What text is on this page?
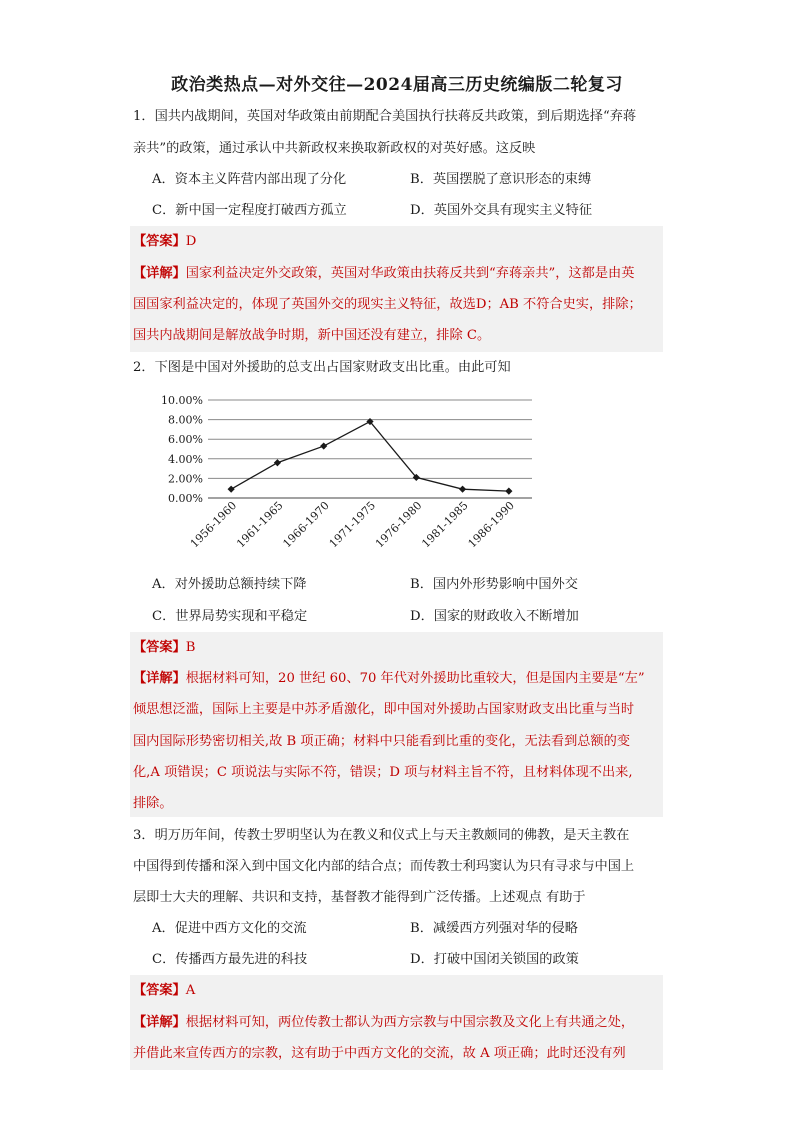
政治类热点—对外交往—2024届高三历史统编版二轮复习
1．国共内战期间，英国对华政策由前期配合美国执行扶蒋反共政策，到后期选择“弃蒋
亲共”的政策，通过承认中共新政权来换取新政权的对英好感。这反映
A．资本主义阵营内部出现了分化	B．英国摆脱了意识形态的束缚
C．新中国一定程度打破西方孤立	D．英国外交具有现实主义特征
【答案】D
【详解】国家利益决定外交政策，英国对华政策由扶蒋反共到“弃蒋亲共”，这都是由英
国国家利益决定的，体现了英国外交的现实主义特征，故选D；AB 不符合史实，排除；
国共内战期间是解放战争时期，新中国还没有建立，排除 C。
2．下图是中国对外援助的总支出占国家财政支出比重。由此可知
10.00%
8.00%
6.00%
4.00%
2.00%
0.00%
1956-1960
1961-1965
1966-1970
1971-1975
1976-1980
1981-1985
1986-1990
A．对外援助总额持续下降	B．国内外形势影响中国外交
C．世界局势实现和平稳定	D．国家的财政收入不断增加
【答案】B
【详解】根据材料可知，20 世纪 60、70 年代对外援助比重较大，但是国内主要是“左”
倾思想泛滥，国际上主要是中苏矛盾激化，即中国对外援助占国家财政支出比重与当时
国内国际形势密切相关,故 B 项正确；材料中只能看到比重的变化，无法看到总额的变
化,A 项错误；C 项说法与实际不符，错误；D 项与材料主旨不符，且材料体现不出来,
排除。
3．明万历年间，传教士罗明坚认为在教义和仪式上与天主教颇同的佛教，是天主教在
中国得到传播和深入到中国文化内部的结合点；而传教士利玛窦认为只有寻求与中国上
层即士大夫的理解、共识和支持，基督教才能得到广泛传播。上述观点 有助于
A．促进中西方文化的交流	B．减缓西方列强对华的侵略
C．传播西方最先进的科技	D．打破中国闭关锁国的政策
【答案】A
【详解】根据材料可知，两位传教士都认为西方宗教与中国宗教及文化上有共通之处，
并借此来宣传西方的宗教，这有助于中西方文化的交流，故 A 项正确；此时还没有列
